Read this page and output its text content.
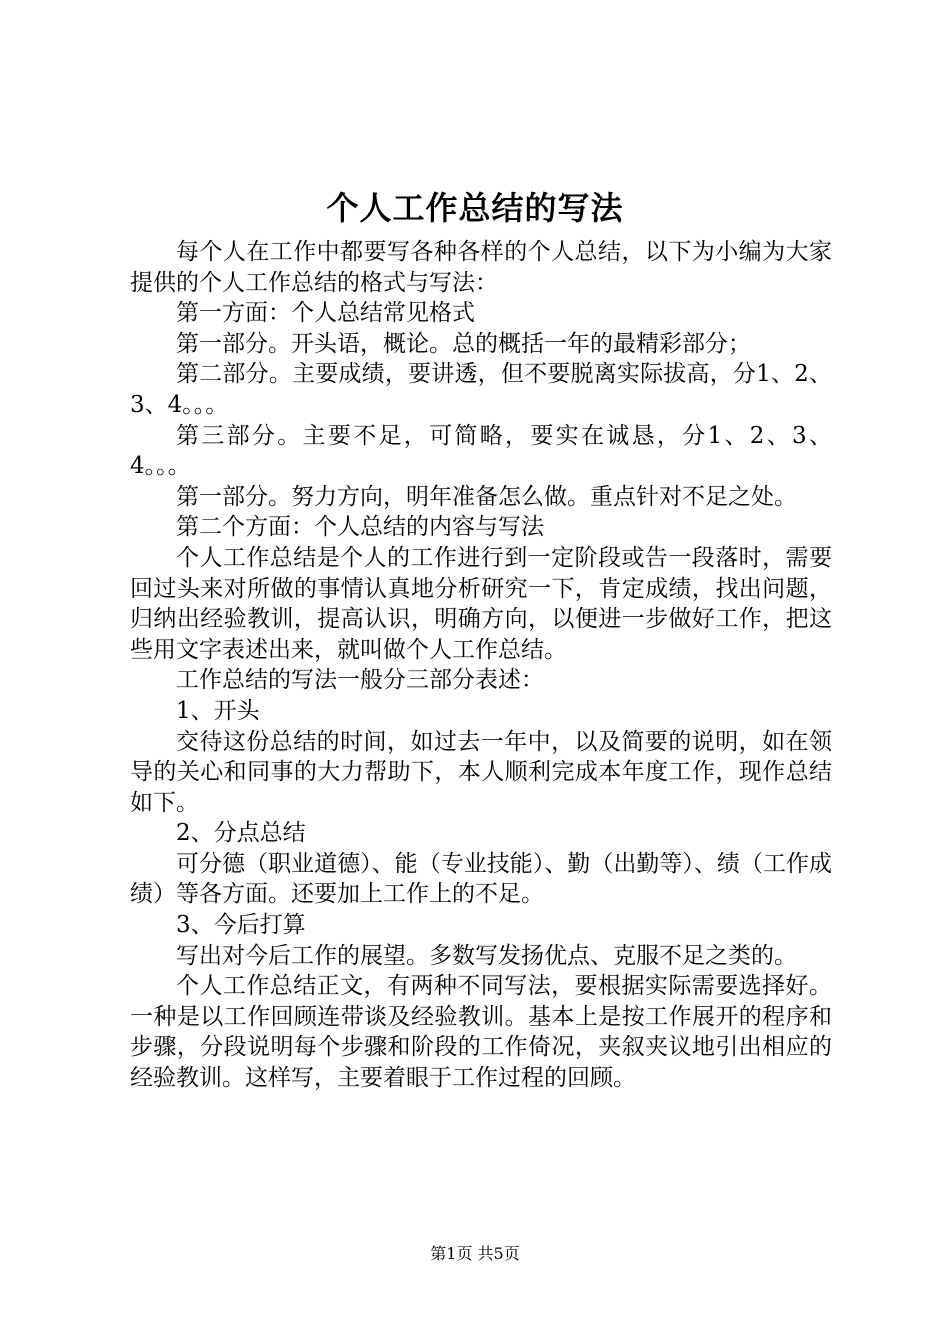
个人工作总结的写法

每个人在工作中都要写各种各样的个人总结，以下为小编为大家提供的个人工作总结的格式与写法：

第一方面：个人总结常见格式

第一部分。开头语，概论。总的概括一年的最精彩部分；

第二部分。主要成绩，要讲透，但不要脱离实际拔高，分1、2、3、4。。。

第三部分。主要不足，可简略，要实在诚恳，分1、2、3、4。。。

第一部分。努力方向，明年准备怎么做。重点针对不足之处。

第二个方面：个人总结的内容与写法

个人工作总结是个人的工作进行到一定阶段或告一段落时，需要回过头来对所做的事情认真地分析研究一下，肯定成绩，找出问题，归纳出经验教训，提高认识，明确方向，以便进一步做好工作，把这些用文字表述出来，就叫做个人工作总结。

工作总结的写法一般分三部分表述：

1、开头

交待这份总结的时间，如过去一年中，以及简要的说明，如在领导的关心和同事的大力帮助下，本人顺利完成本年度工作，现作总结如下。

2、分点总结

可分德（职业道德）、能（专业技能）、勤（出勤等）、绩（工作成绩）等各方面。还要加上工作上的不足。

3、今后打算

写出对今后工作的展望。多数写发扬优点、克服不足之类的。

个人工作总结正文，有两种不同写法，要根据实际需要选择好。一种是以工作回顾连带谈及经验教训。基本上是按工作展开的程序和步骤，分段说明每个步骤和阶段的工作倚况，夹叙夹议地引出相应的经验教训。这样写，主要着眼于工作过程的回顾。

第1页 共5页
